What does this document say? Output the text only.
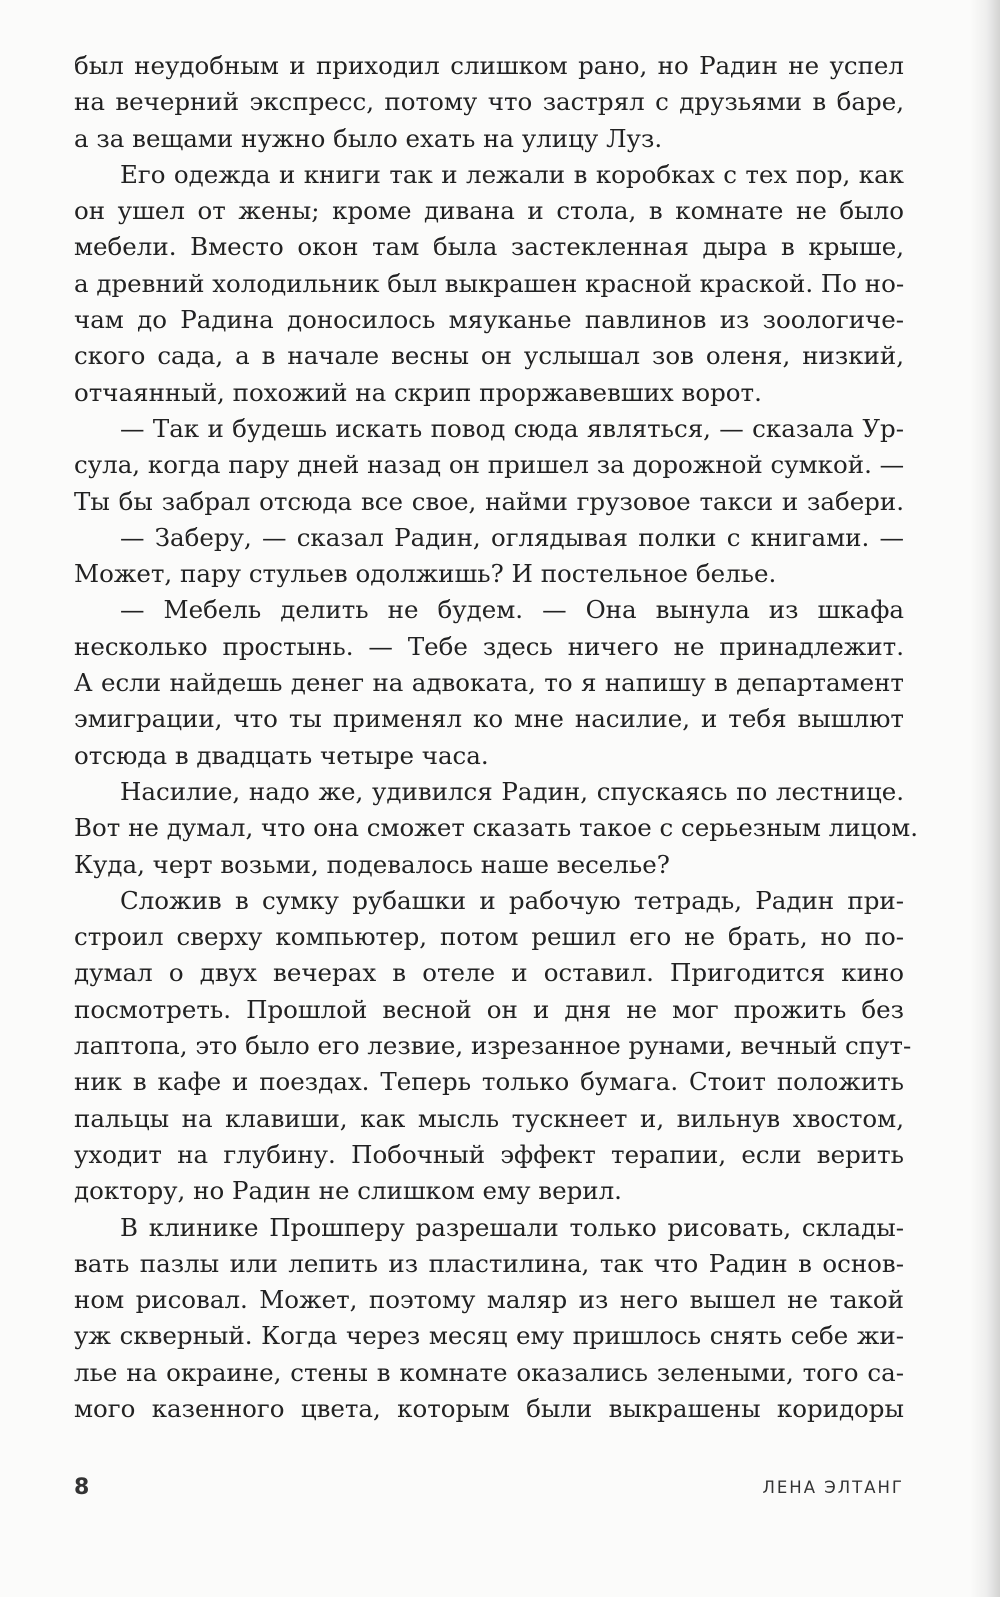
был неудобным и приходил слишком рано, но Радин не успел
на вечерний экспресс, потому что застрял с друзьями в баре,
а за вещами нужно было ехать на улицу Луз.
Его одежда и книги так и лежали в коробках с тех пор, как
он ушел от жены; кроме дивана и стола, в комнате не было
мебели. Вместо окон там была застекленная дыра в крыше,
а древний холодильник был выкрашен красной краской. По но-
чам до Радина доносилось мяуканье павлинов из зоологиче-
ского сада, а в начале весны он услышал зов оленя, низкий,
отчаянный, похожий на скрип проржавевших ворот.
— Так и будешь искать повод сюда являться, — сказала Ур-
сула, когда пару дней назад он пришел за дорожной сумкой. —
Ты бы забрал отсюда все свое, найми грузовое такси и забери.
— Заберу, — сказал Радин, оглядывая полки с книгами. —
Может, пару стульев одолжишь? И постельное белье.
— Мебель делить не будем. — Она вынула из шкафа
несколько простынь. — Тебе здесь ничего не принадлежит.
А если найдешь денег на адвоката, то я напишу в департамент
эмиграции, что ты применял ко мне насилие, и тебя вышлют
отсюда в двадцать четыре часа.
Насилие, надо же, удивился Радин, спускаясь по лестнице.
Вот не думал, что она сможет сказать такое с серьезным лицом.
Куда, черт возьми, подевалось наше веселье?
Сложив в сумку рубашки и рабочую тетрадь, Радин при-
строил сверху компьютер, потом решил его не брать, но по-
думал о двух вечерах в отеле и оставил. Пригодится кино
посмотреть. Прошлой весной он и дня не мог прожить без
лаптопа, это было его лезвие, изрезанное рунами, вечный спут-
ник в кафе и поездах. Теперь только бумага. Стоит положить
пальцы на клавиши, как мысль тускнеет и, вильнув хвостом,
уходит на глубину. Побочный эффект терапии, если верить
доктору, но Радин не слишком ему верил.
В клинике Прошперу разрешали только рисовать, склады-
вать пазлы или лепить из пластилина, так что Радин в основ-
ном рисовал. Может, поэтому маляр из него вышел не такой
уж скверный. Когда через месяц ему пришлось снять себе жи-
лье на окраине, стены в комнате оказались зелеными, того са-
мого казенного цвета, которым были выкрашены коридоры
8	ЛЕНА ЭЛТАНГ
